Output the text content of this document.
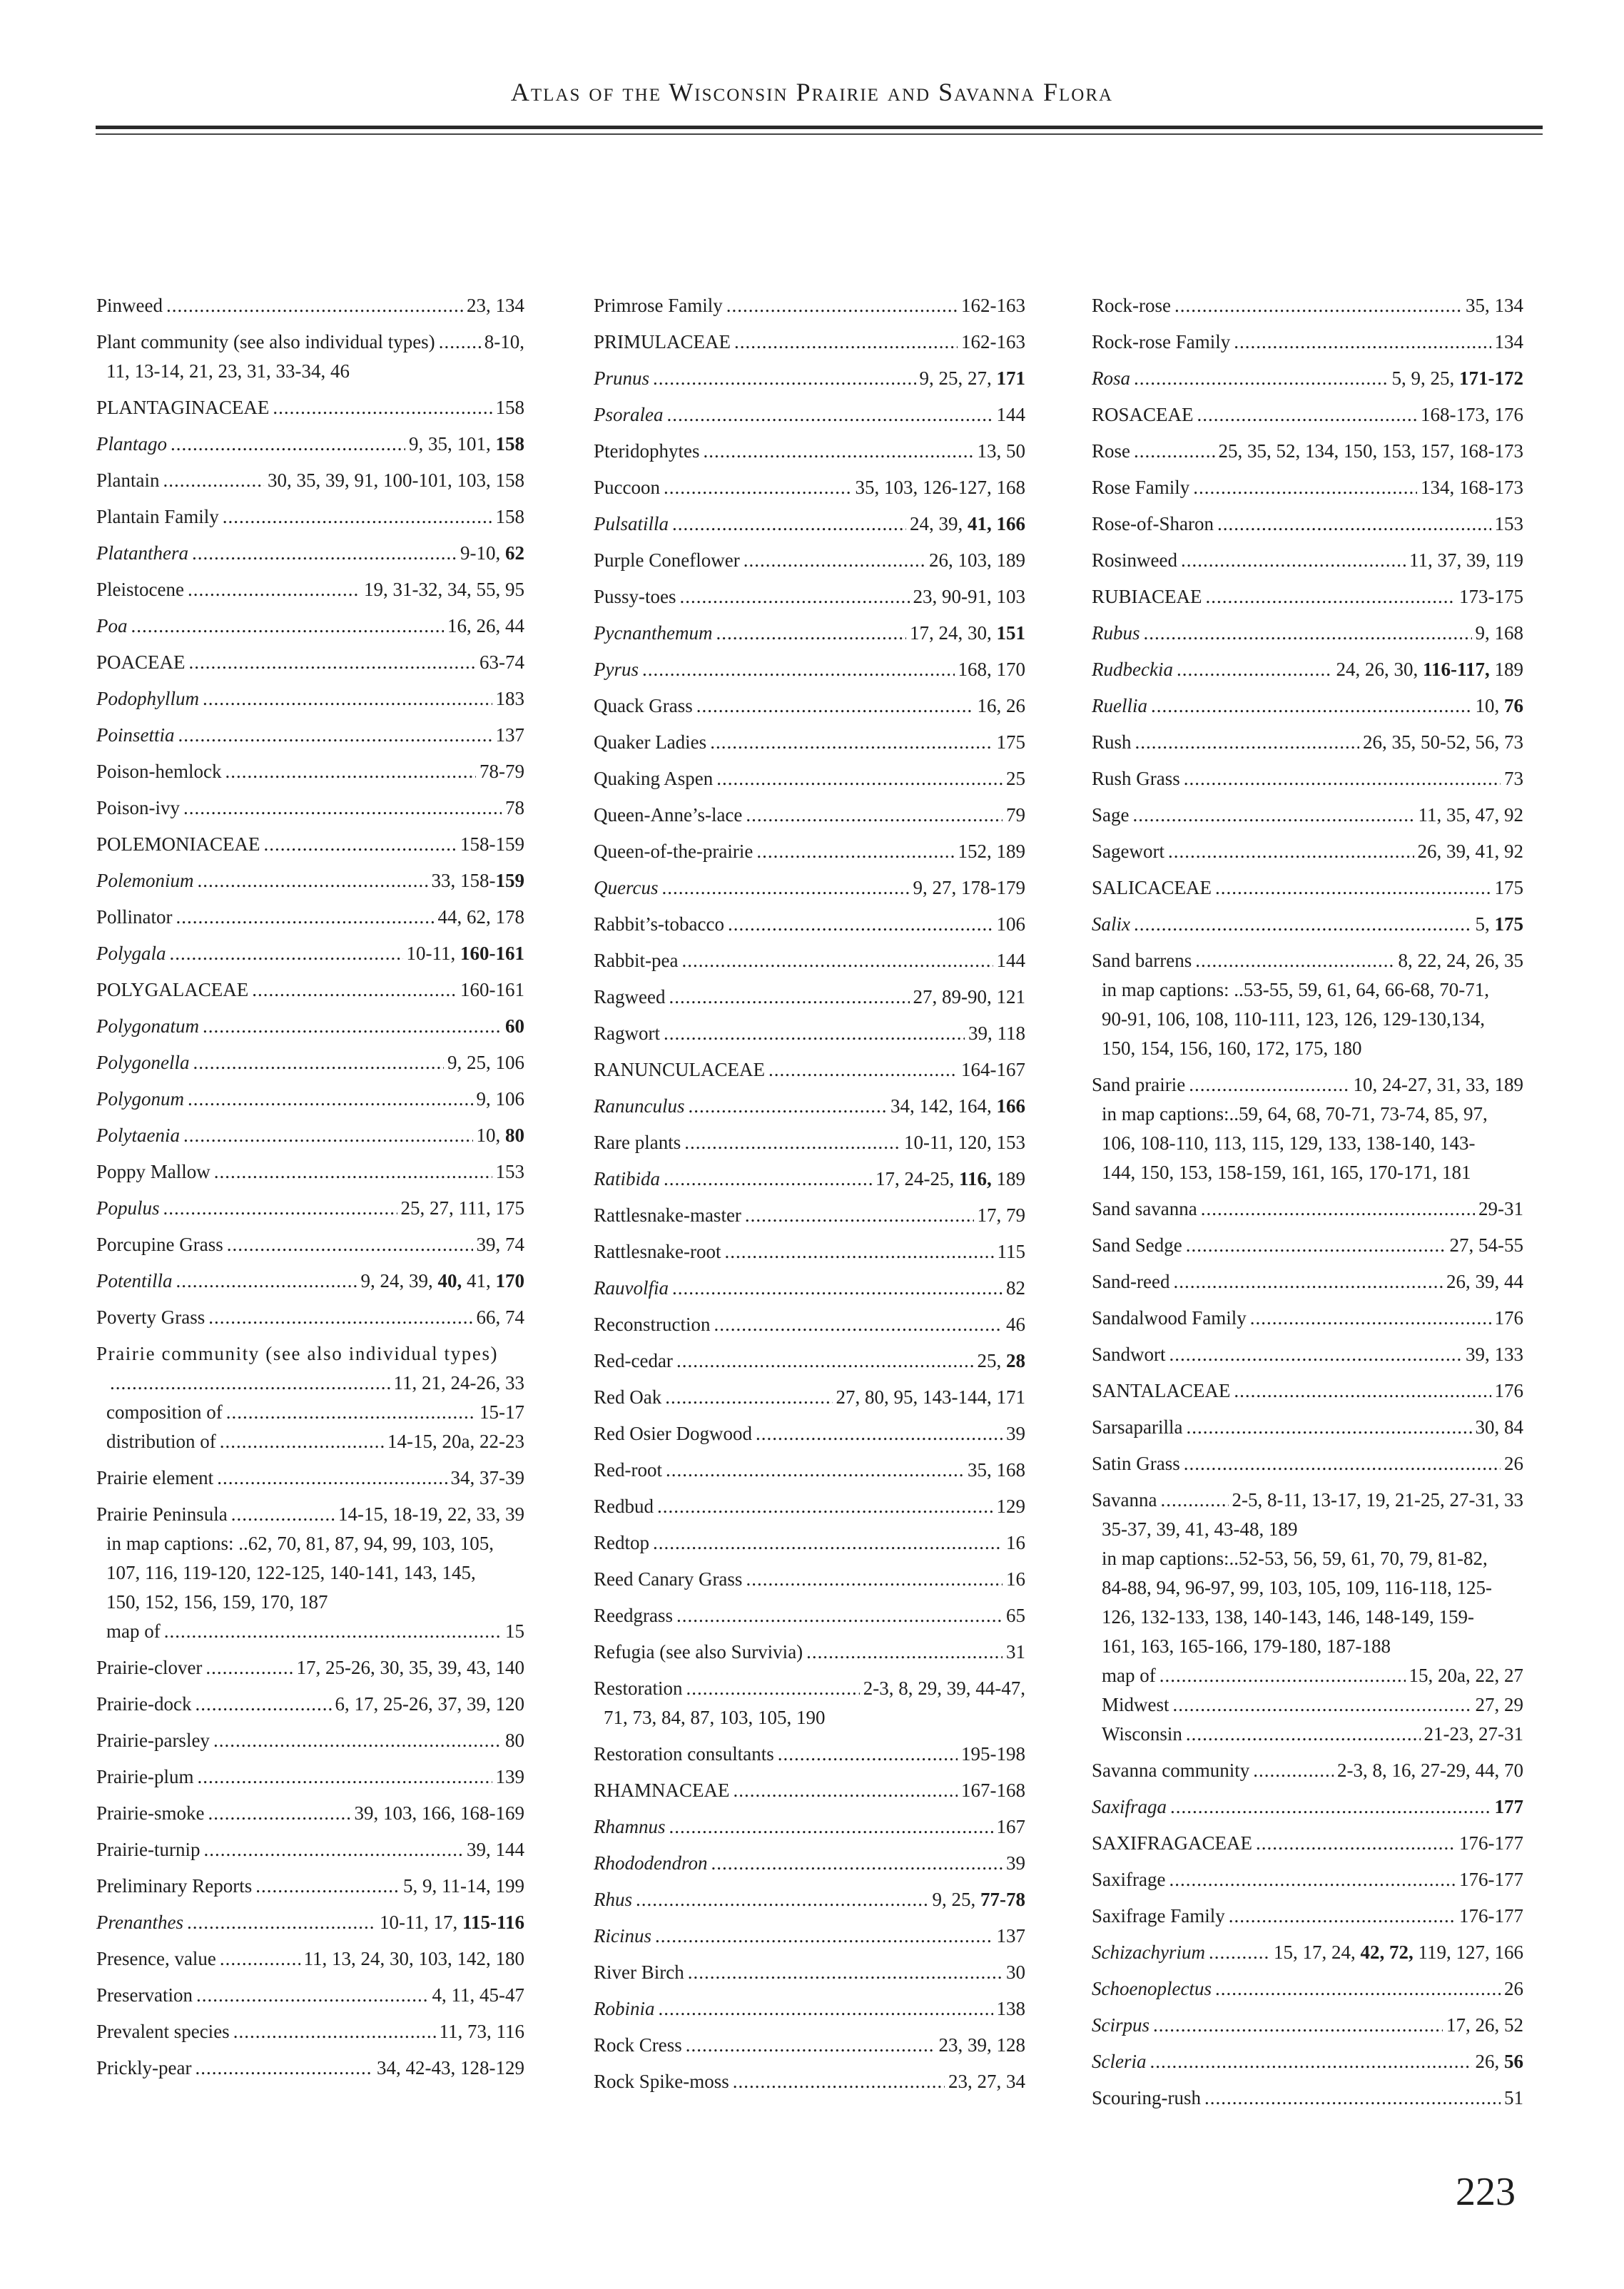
Atlas of the Wisconsin Prairie and Savanna Flora
Pinweed .....	23, 134
Plant community (see also individual types) .....	8-10,
11, 13-14, 21, 23, 31, 33-34, 46
PLANTAGINACEAE .....	158
Plantago .....	9, 35, 101, 158
Plantain .....	30, 35, 39, 91, 100-101, 103, 158
Plantain Family .....	158
Platanthera .....	9-10, 62
Pleistocene .....	19, 31-32, 34, 55, 95
Poa .....	16, 26, 44
POACEAE .....	63-74
Podophyllum .....	183
Poinsettia .....	137
Poison-hemlock .....	78-79
Poison-ivy .....	78
POLEMONIACEAE .....	158-159
Polemonium .....	33, 158-159
Pollinator .....	44, 62, 178
Polygala .....	10-11, 160-161
POLYGALACEAE .....	160-161
Polygonatum .....	60
Polygonella .....	9, 25, 106
Polygonum .....	9, 106
Polytaenia .....	10, 80
Poppy Mallow .....	153
Populus .....	25, 27, 111, 175
Porcupine Grass .....	39, 74
Potentilla .....	9, 24, 39, 40, 41, 170
Poverty Grass .....	66, 74
Prairie community (see also individual types)
.....
11, 21, 24-26, 33
composition of .....	15-17
distribution of .....	14-15, 20a, 22-23
Prairie element .....	34, 37-39
Prairie Peninsula .....	14-15, 18-19, 22, 33, 39
in map captions: ..62, 70, 81, 87, 94, 99, 103, 105,
107, 116, 119-120, 122-125, 140-141, 143, 145,
150, 152, 156, 159, 170, 187
map of .....	15
Prairie-clover .....	17, 25-26, 30, 35, 39, 43, 140
Prairie-dock .....	6, 17, 25-26, 37, 39, 120
Prairie-parsley .....	80
Prairie-plum .....	139
Prairie-smoke .....	39, 103, 166, 168-169
Prairie-turnip .....	39, 144
Preliminary Reports .....	5, 9, 11-14, 199
Prenanthes .....	10-11, 17, 115-116
Presence, value .....	11, 13, 24, 30, 103, 142, 180
Preservation .....	4, 11, 45-47
Prevalent species .....	11, 73, 116
Prickly-pear .....	34, 42-43, 128-129
Primrose Family .....	162-163
PRIMULACEAE .....	162-163
Prunus .....	9, 25, 27, 171
Psoralea .....	144
Pteridophytes .....	13, 50
Puccoon .....	35, 103, 126-127, 168
Pulsatilla .....	24, 39, 41, 166
Purple Coneflower .....	26, 103, 189
Pussy-toes .....	23, 90-91, 103
Pycnanthemum .....	17, 24, 30, 151
Pyrus .....	168, 170
Quack Grass .....	16, 26
Quaker Ladies .....	175
Quaking Aspen .....	25
Queen-Anne’s-lace .....	79
Queen-of-the-prairie .....	152, 189
Quercus .....	9, 27, 178-179
Rabbit’s-tobacco .....	106
Rabbit-pea .....	144
Ragweed .....	27, 89-90, 121
Ragwort .....	39, 118
RANUNCULACEAE .....	164-167
Ranunculus .....	34, 142, 164, 166
Rare plants .....	10-11, 120, 153
Ratibida .....	17, 24-25, 116, 189
Rattlesnake-master .....	17, 79
Rattlesnake-root .....	115
Rauvolfia .....	82
Reconstruction .....	46
Red-cedar .....	25, 28
Red Oak .....	27, 80, 95, 143-144, 171
Red Osier Dogwood .....	39
Red-root .....	35, 168
Redbud .....	129
Redtop .....	16
Reed Canary Grass .....	16
Reedgrass .....	65
Refugia (see also Survivia) .....	31
Restoration .....	2-3, 8, 29, 39, 44-47,
71, 73, 84, 87, 103, 105, 190
Restoration consultants .....	195-198
RHAMNACEAE .....	167-168
Rhamnus .....	167
Rhododendron .....	39
Rhus .....	9, 25, 77-78
Ricinus .....	137
River Birch .....	30
Robinia .....	138
Rock Cress .....	23, 39, 128
Rock Spike-moss .....	23, 27, 34
Rock-rose .....	35, 134
Rock-rose Family .....	134
Rosa .....	5, 9, 25, 171-172
ROSACEAE .....	168-173, 176
Rose .....	25, 35, 52, 134, 150, 153, 157, 168-173
Rose Family .....	134, 168-173
Rose-of-Sharon .....	153
Rosinweed .....	11, 37, 39, 119
RUBIACEAE .....	173-175
Rubus .....	9, 168
Rudbeckia .....	24, 26, 30, 116-117, 189
Ruellia .....	10, 76
Rush .....	26, 35, 50-52, 56, 73
Rush Grass .....	73
Sage .....	11, 35, 47, 92
Sagewort .....	26, 39, 41, 92
SALICACEAE .....	175
Salix .....	5, 175
Sand barrens .....	8, 22, 24, 26, 35
in map captions: ..53-55, 59, 61, 64, 66-68, 70-71,
90-91, 106, 108, 110-111, 123, 126, 129-130,134,
150, 154, 156, 160, 172, 175, 180
Sand prairie .....	10, 24-27, 31, 33, 189
in map captions:..59, 64, 68, 70-71, 73-74, 85, 97,
106, 108-110, 113, 115, 129, 133, 138-140, 143-
144, 150, 153, 158-159, 161, 165, 170-171, 181
Sand savanna .....	29-31
Sand Sedge .....	27, 54-55
Sand-reed .....	26, 39, 44
Sandalwood Family .....	176
Sandwort .....	39, 133
SANTALACEAE .....	176
Sarsaparilla .....	30, 84
Satin Grass .....	26
Savanna .....	2-5, 8-11, 13-17, 19, 21-25, 27-31, 33
35-37, 39, 41, 43-48, 189
in map captions:..52-53, 56, 59, 61, 70, 79, 81-82,
84-88, 94, 96-97, 99, 103, 105, 109, 116-118, 125-
126, 132-133, 138, 140-143, 146, 148-149, 159-
161, 163, 165-166, 179-180, 187-188
map of .....	15, 20a, 22, 27
Midwest .....	27, 29
Wisconsin .....	21-23, 27-31
Savanna community .....	2-3, 8, 16, 27-29, 44, 70
Saxifraga .....	177
SAXIFRAGACEAE .....	176-177
Saxifrage .....	176-177
Saxifrage Family .....	176-177
Schizachyrium .....	15, 17, 24, 42, 72, 119, 127, 166
Schoenoplectus .....	26
Scirpus .....	17, 26, 52
Scleria .....	26, 56
Scouring-rush .....	51
223
